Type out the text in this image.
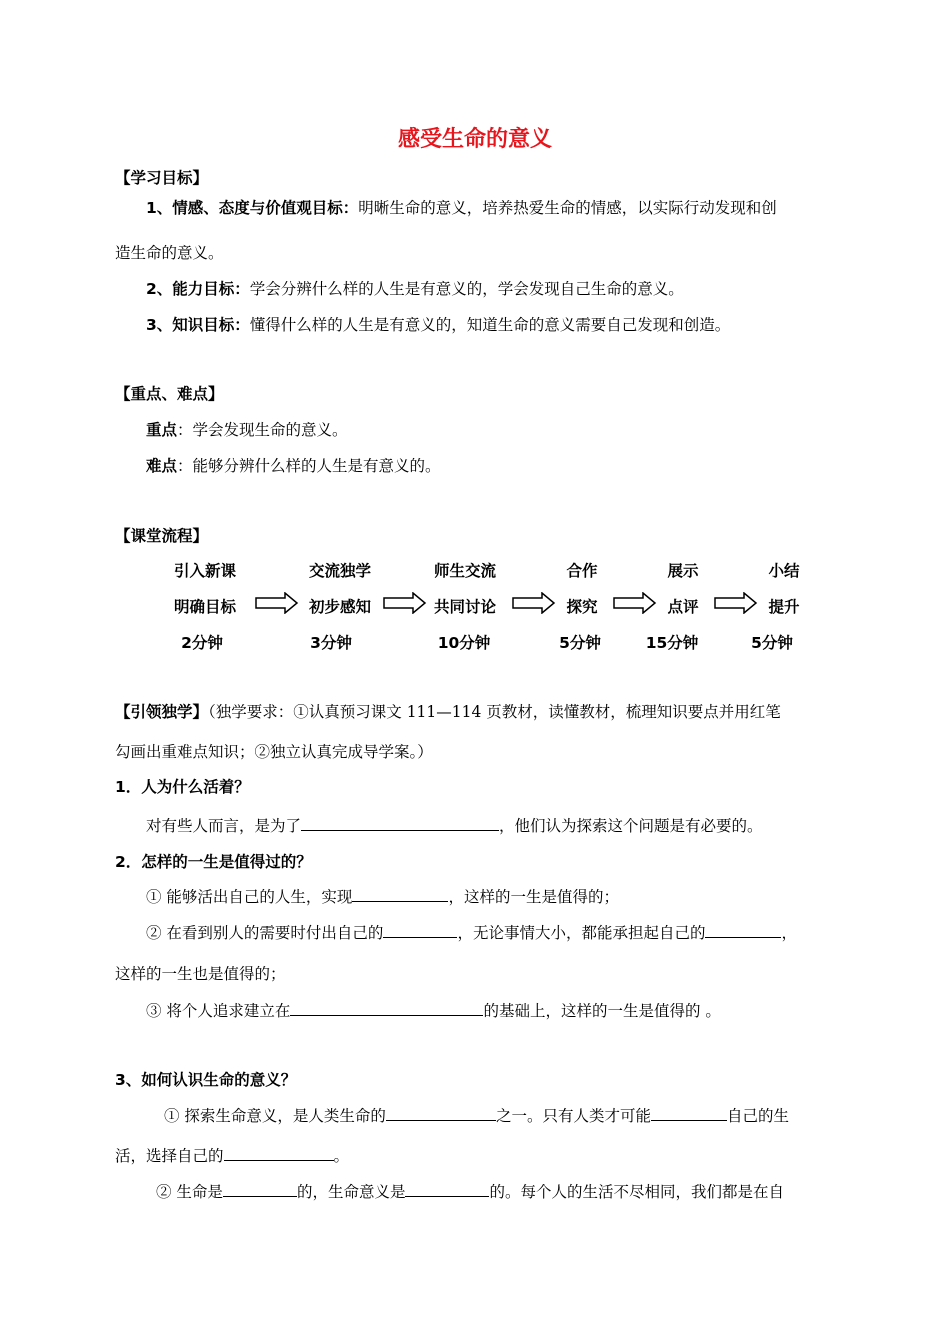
感受生命的意义
【学习目标】
1、情感、态度与价值观目标：明晰生命的意义，培养热爱生命的情感，以实际行动发现和创
造生命的意义。
2、能力目标：学会分辨什么样的人生是有意义的，学会发现自己生命的意义。
3、知识目标：懂得什么样的人生是有意义的，知道生命的意义需要自己发现和创造。
【重点、难点】
重点：学会发现生命的意义。
难点：能够分辨什么样的人生是有意义的。
【课堂流程】
引入新课
明确目标
2分钟
交流独学
初步感知
3分钟
师生交流
共同讨论
10分钟
合作
探究
5分钟
展示
点评
15分钟
小结
提升
5分钟
【引领独学】（独学要求：①认真预习课文 111—114 页教材，读懂教材，梳理知识要点并用红笔
勾画出重难点知识；②独立认真完成导学案。）
1．人为什么活着？
对有些人而言，是为了	，他们认为探索这个问题是有必要的。
2．怎样的一生是值得过的？
① 能够活出自己的人生，实现	，这样的一生是值得的；
② 在看到别人的需要时付出自己的	，无论事情大小，都能承担起自己的	，
这样的一生也是值得的；
③ 将个人追求建立在	的基础上，这样的一生是值得的 。
3、如何认识生命的意义？
① 探索生命意义，是人类生命的	之一。只有人类才可能	自己的生
活，选择自己的	。
② 生命是	的，生命意义是	的。每个人的生活不尽相同，我们都是在自
